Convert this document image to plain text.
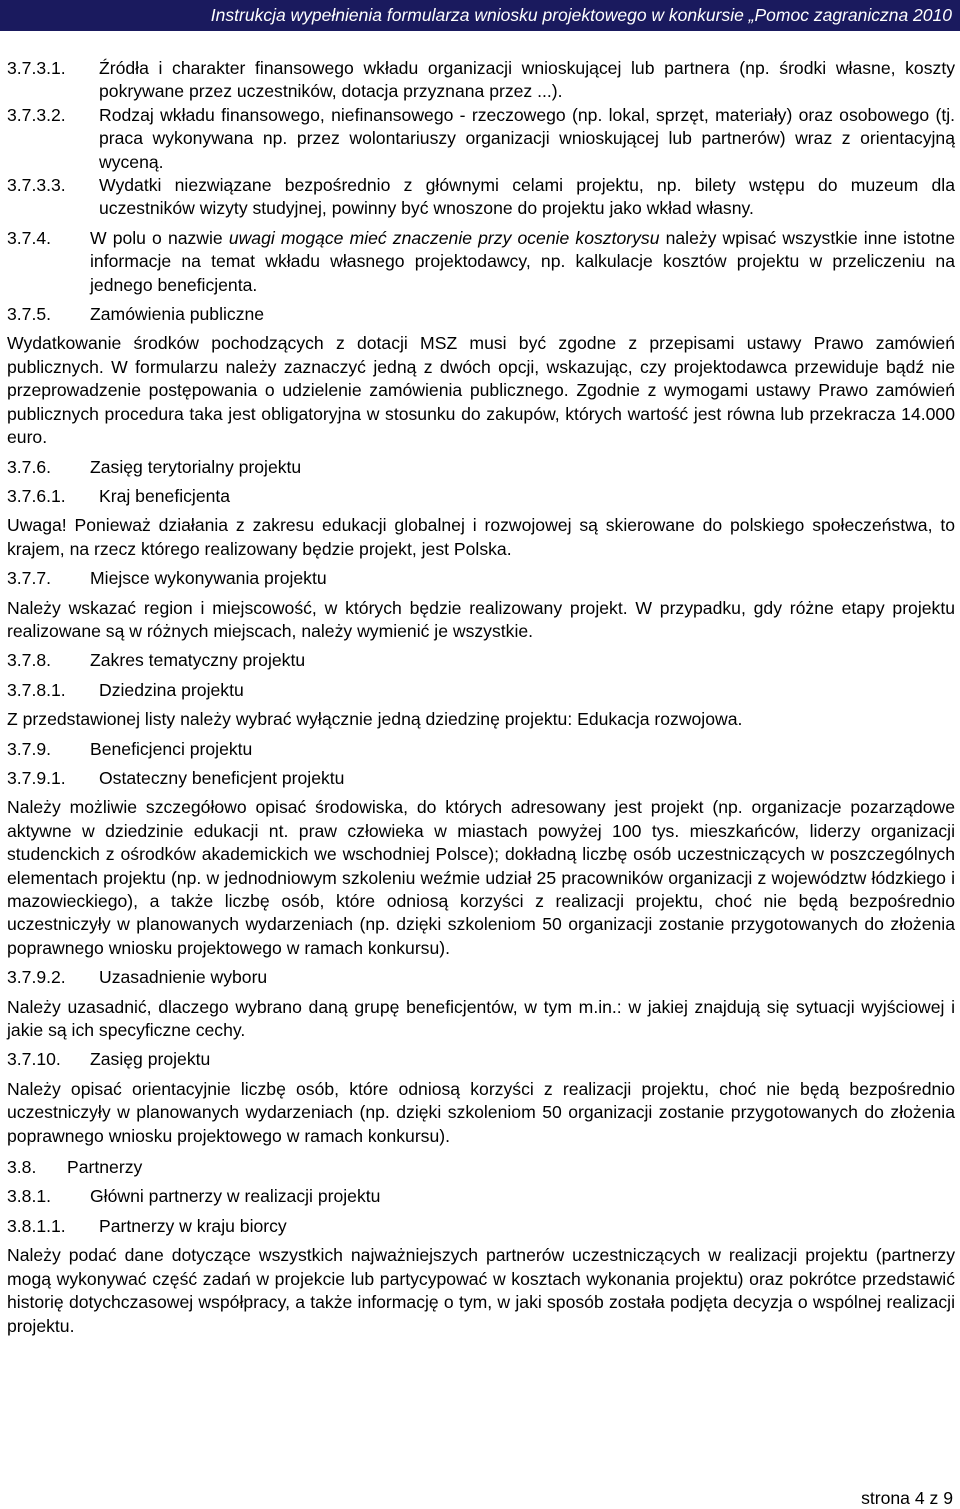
Instrukcja wypełnienia formularza wniosku projektowego w konkursie „Pomoc zagraniczna 2010
3.7.3.1.	Źródła i charakter finansowego wkładu organizacji wnioskującej lub partnera (np. środki własne, koszty pokrywane przez uczestników, dotacja przyznana przez ...).
3.7.3.2.	Rodzaj wkładu finansowego, niefinansowego - rzeczowego (np. lokal, sprzęt, materiały) oraz osobowego (tj. praca wykonywana np. przez wolontariuszy organizacji wnioskującej lub partnerów) wraz z orientacyjną wyceną.
3.7.3.3.	Wydatki niezwiązane bezpośrednio z głównymi celami projektu, np. bilety wstępu do muzeum dla uczestników wizyty studyjnej, powinny być wnoszone do projektu jako wkład własny.
3.7.4.	W polu o nazwie uwagi mogące mieć znaczenie przy ocenie kosztorysu należy wpisać wszystkie inne istotne informacje na temat wkładu własnego projektodawcy, np. kalkulacje kosztów projektu w przeliczeniu na jednego beneficjenta.
3.7.5.	Zamówienia publiczne
Wydatkowanie środków pochodzących z dotacji MSZ musi być zgodne z przepisami ustawy Prawo zamówień publicznych. W formularzu należy zaznaczyć jedną z dwóch opcji, wskazując, czy projektodawca przewiduje bądź nie przeprowadzenie postępowania o udzielenie zamówienia publicznego. Zgodnie z wymogami ustawy Prawo zamówień publicznych procedura taka jest obligatoryjna w stosunku do zakupów, których wartość jest równa lub przekracza 14.000 euro.
3.7.6.	Zasięg terytorialny projektu
3.7.6.1.	Kraj beneficjenta
Uwaga! Ponieważ działania z zakresu edukacji globalnej i rozwojowej są skierowane do polskiego społeczeństwa, to krajem, na rzecz którego realizowany będzie projekt, jest Polska.
3.7.7.	Miejsce wykonywania projektu
Należy wskazać region i miejscowość, w których będzie realizowany projekt. W przypadku, gdy różne etapy projektu realizowane są w różnych miejscach, należy wymienić je wszystkie.
3.7.8.	Zakres tematyczny projektu
3.7.8.1.	Dziedzina projektu
Z przedstawionej listy należy wybrać wyłącznie jedną dziedzinę projektu: Edukacja rozwojowa.
3.7.9.	Beneficjenci projektu
3.7.9.1.	Ostateczny beneficjent projektu
Należy możliwie szczegółowo opisać środowiska, do których adresowany jest projekt (np. organizacje pozarządowe aktywne w dziedzinie edukacji nt. praw człowieka w miastach powyżej 100 tys. mieszkańców, liderzy organizacji studenckich z ośrodków akademickich we wschodniej Polsce); dokładną liczbę osób uczestniczących w poszczególnych elementach projektu (np. w jednodniowym szkoleniu weźmie udział 25 pracowników organizacji z województw łódzkiego i mazowieckiego), a także liczbę osób, które odniosą korzyści z realizacji projektu, choć nie będą bezpośrednio uczestniczyły w planowanych wydarzeniach (np. dzięki szkoleniom 50 organizacji zostanie przygotowanych do złożenia poprawnego wniosku projektowego w ramach konkursu).
3.7.9.2.	Uzasadnienie wyboru
Należy uzasadnić, dlaczego wybrano daną grupę beneficjentów, w tym m.in.: w jakiej znajdują się sytuacji wyjściowej i jakie są ich specyficzne cechy.
3.7.10.	Zasięg projektu
Należy opisać orientacyjnie liczbę osób, które odniosą korzyści z realizacji projektu, choć nie będą bezpośrednio uczestniczyły w planowanych wydarzeniach (np. dzięki szkoleniom 50 organizacji zostanie przygotowanych do złożenia poprawnego wniosku projektowego w ramach konkursu).
3.8.	Partnerzy
3.8.1.	Główni partnerzy w realizacji projektu
3.8.1.1.	Partnerzy w kraju biorcy
Należy podać dane dotyczące wszystkich najważniejszych partnerów uczestniczących w realizacji projektu (partnerzy mogą wykonywać część zadań w projekcie lub partycypować w kosztach wykonania projektu) oraz pokrótce przedstawić historię dotychczasowej współpracy, a także informację o tym, w jaki sposób została podjęta decyzja o wspólnej realizacji projektu.
strona 4 z 9
